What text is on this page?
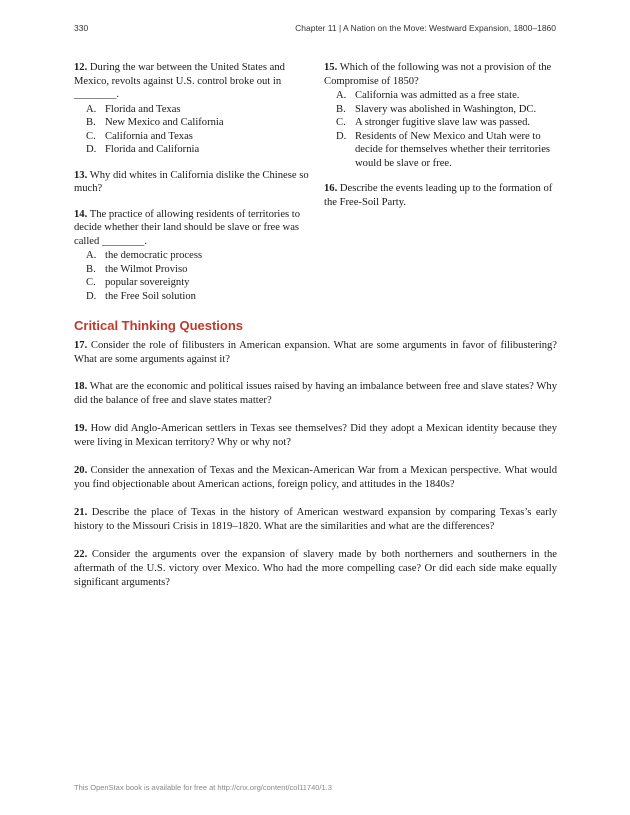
330	Chapter 11 | A Nation on the Move: Westward Expansion, 1800–1860
12. During the war between the United States and Mexico, revolts against U.S. control broke out in ________.
A. Florida and Texas
B. New Mexico and California
C. California and Texas
D. Florida and California
13. Why did whites in California dislike the Chinese so much?
14. The practice of allowing residents of territories to decide whether their land should be slave or free was called ________.
A. the democratic process
B. the Wilmot Proviso
C. popular sovereignty
D. the Free Soil solution
15. Which of the following was not a provision of the Compromise of 1850?
A. California was admitted as a free state.
B. Slavery was abolished in Washington, DC.
C. A stronger fugitive slave law was passed.
D. Residents of New Mexico and Utah were to decide for themselves whether their territories would be slave or free.
16. Describe the events leading up to the formation of the Free-Soil Party.
Critical Thinking Questions
17. Consider the role of filibusters in American expansion. What are some arguments in favor of filibustering? What are some arguments against it?
18. What are the economic and political issues raised by having an imbalance between free and slave states? Why did the balance of free and slave states matter?
19. How did Anglo-American settlers in Texas see themselves? Did they adopt a Mexican identity because they were living in Mexican territory? Why or why not?
20. Consider the annexation of Texas and the Mexican-American War from a Mexican perspective. What would you find objectionable about American actions, foreign policy, and attitudes in the 1840s?
21. Describe the place of Texas in the history of American westward expansion by comparing Texas’s early history to the Missouri Crisis in 1819–1820. What are the similarities and what are the differences?
22. Consider the arguments over the expansion of slavery made by both northerners and southerners in the aftermath of the U.S. victory over Mexico. Who had the more compelling case? Or did each side make equally significant arguments?
This OpenStax book is available for free at http://cnx.org/content/col11740/1.3
